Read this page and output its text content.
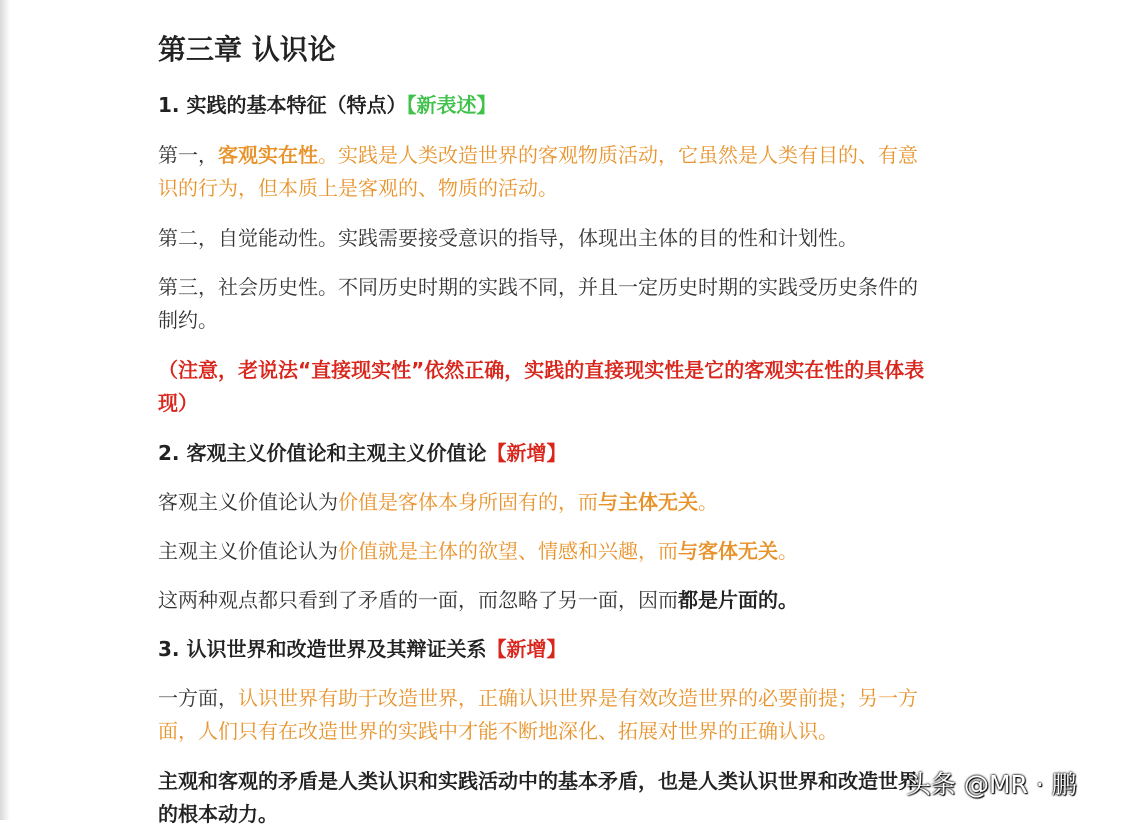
第三章 认识论
1. 实践的基本特征（特点）【新表述】
第一，客观实在性。实践是人类改造世界的客观物质活动，它虽然是人类有目的、有意
识的行为，但本质上是客观的、物质的活动。
第二，自觉能动性。实践需要接受意识的指导，体现出主体的目的性和计划性。
第三，社会历史性。不同历史时期的实践不同，并且一定历史时期的实践受历史条件的
制约。
（注意，老说法“直接现实性”依然正确，实践的直接现实性是它的客观实在性的具体表
现）
2. 客观主义价值论和主观主义价值论【新增】
客观主义价值论认为价值是客体本身所固有的，而与主体无关。
主观主义价值论认为价值就是主体的欲望、情感和兴趣，而与客体无关。
这两种观点都只看到了矛盾的一面，而忽略了另一面，因而都是片面的。
3. 认识世界和改造世界及其辩证关系【新增】
一方面，认识世界有助于改造世界，正确认识世界是有效改造世界的必要前提；另一方
面，人们只有在改造世界的实践中才能不断地深化、拓展对世界的正确认识。
主观和客观的矛盾是人类认识和实践活动中的基本矛盾，也是人类认识世界和改造世界
的根本动力。
头条 @MR · 鹏
